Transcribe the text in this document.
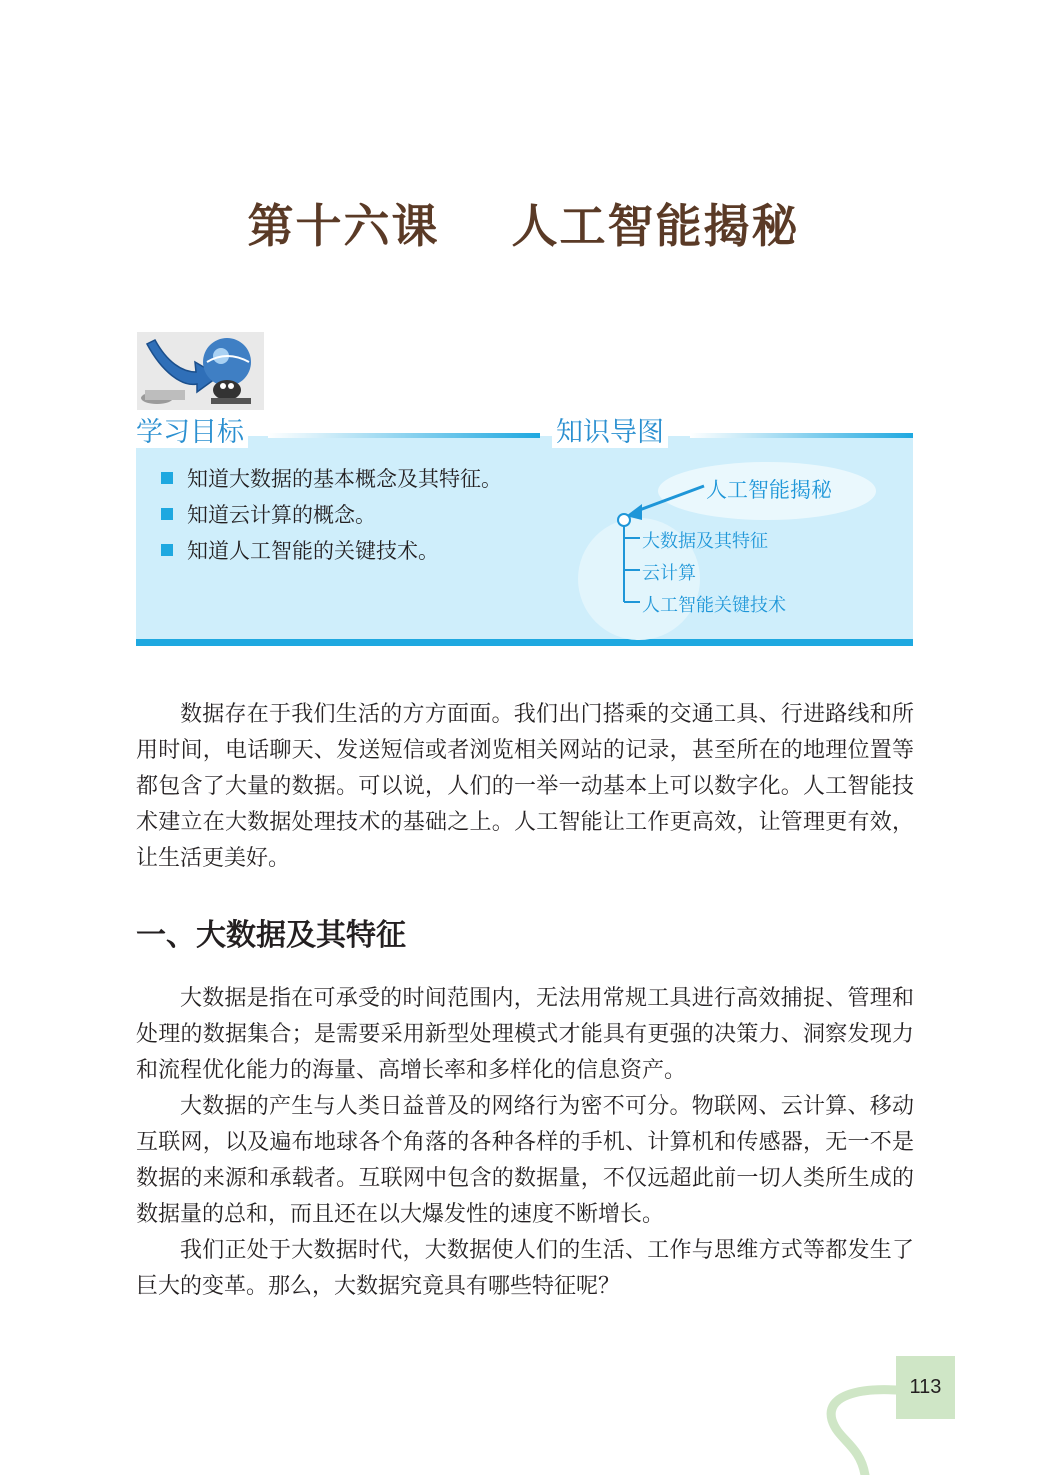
第十六课    人工智能揭秘
学习目标	知识导图
知道大数据的基本概念及其特征。
知道云计算的概念。
知道人工智能的关键技术。
人工智能揭秘
大数据及其特征
云计算
人工智能关键技术

数据存在于我们生活的方方面面。我们出门搭乘的交通工具、行进路线和所用时间，电话聊天、发送短信或者浏览相关网站的记录，甚至所在的地理位置等都包含了大量的数据。可以说，人们的一举一动基本上可以数字化。人工智能技术建立在大数据处理技术的基础之上。人工智能让工作更高效，让管理更有效，让生活更美好。

一、大数据及其特征

大数据是指在可承受的时间范围内，无法用常规工具进行高效捕捉、管理和处理的数据集合；是需要采用新型处理模式才能具有更强的决策力、洞察发现力和流程优化能力的海量、高增长率和多样化的信息资产。

大数据的产生与人类日益普及的网络行为密不可分。物联网、云计算、移动互联网，以及遍布地球各个角落的各种各样的手机、计算机和传感器，无一不是数据的来源和承载者。互联网中包含的数据量，不仅远超此前一切人类所生成的数据量的总和，而且还在以大爆发性的速度不断增长。

我们正处于大数据时代，大数据使人们的生活、工作与思维方式等都发生了巨大的变革。那么，大数据究竟具有哪些特征呢？

113
